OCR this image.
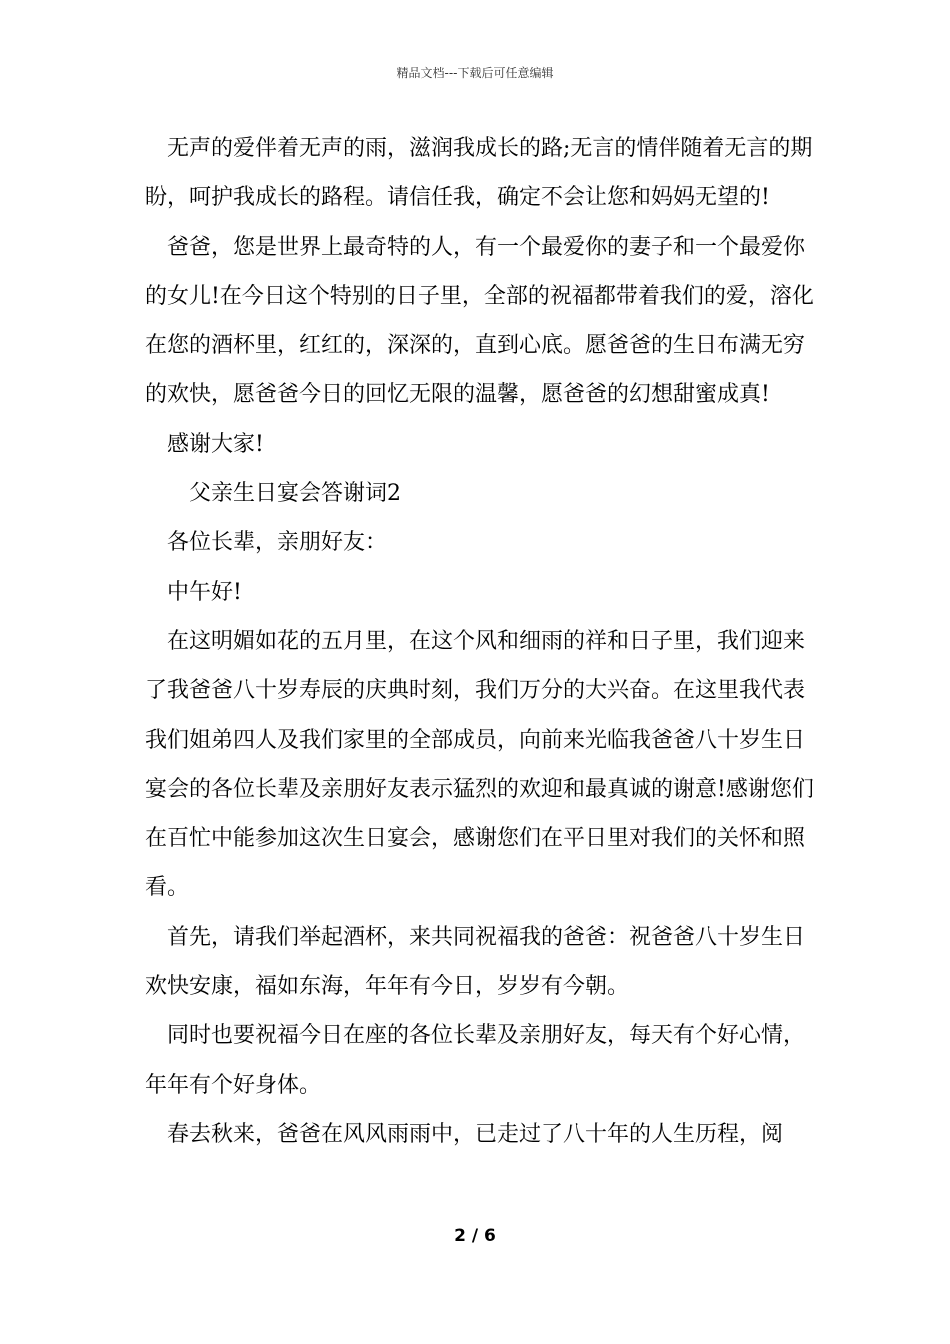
精品文档---下载后可任意编辑

无声的爱伴着无声的雨，滋润我成长的路;无言的情伴随着无言的期盼，呵护我成长的路程。请信任我，确定不会让您和妈妈无望的!

爸爸，您是世界上最奇特的人，有一个最爱你的妻子和一个最爱你的女儿!在今日这个特别的日子里，全部的祝福都带着我们的爱，溶化在您的酒杯里，红红的，深深的，直到心底。愿爸爸的生日布满无穷的欢快，愿爸爸今日的回忆无限的温馨，愿爸爸的幻想甜蜜成真!

感谢大家!

父亲生日宴会答谢词2

各位长辈，亲朋好友：

中午好!

在这明媚如花的五月里，在这个风和细雨的祥和日子里，我们迎来了我爸爸八十岁寿辰的庆典时刻，我们万分的大兴奋。在这里我代表我们姐弟四人及我们家里的全部成员，向前来光临我爸爸八十岁生日宴会的各位长辈及亲朋好友表示猛烈的欢迎和最真诚的谢意!感谢您们在百忙中能参加这次生日宴会，感谢您们在平日里对我们的关怀和照看。

首先，请我们举起酒杯，来共同祝福我的爸爸：祝爸爸八十岁生日欢快安康，福如东海，年年有今日，岁岁有今朝。

同时也要祝福今日在座的各位长辈及亲朋好友，每天有个好心情，年年有个好身体。

春去秋来，爸爸在风风雨雨中，已走过了八十年的人生历程，阅

2 / 6
